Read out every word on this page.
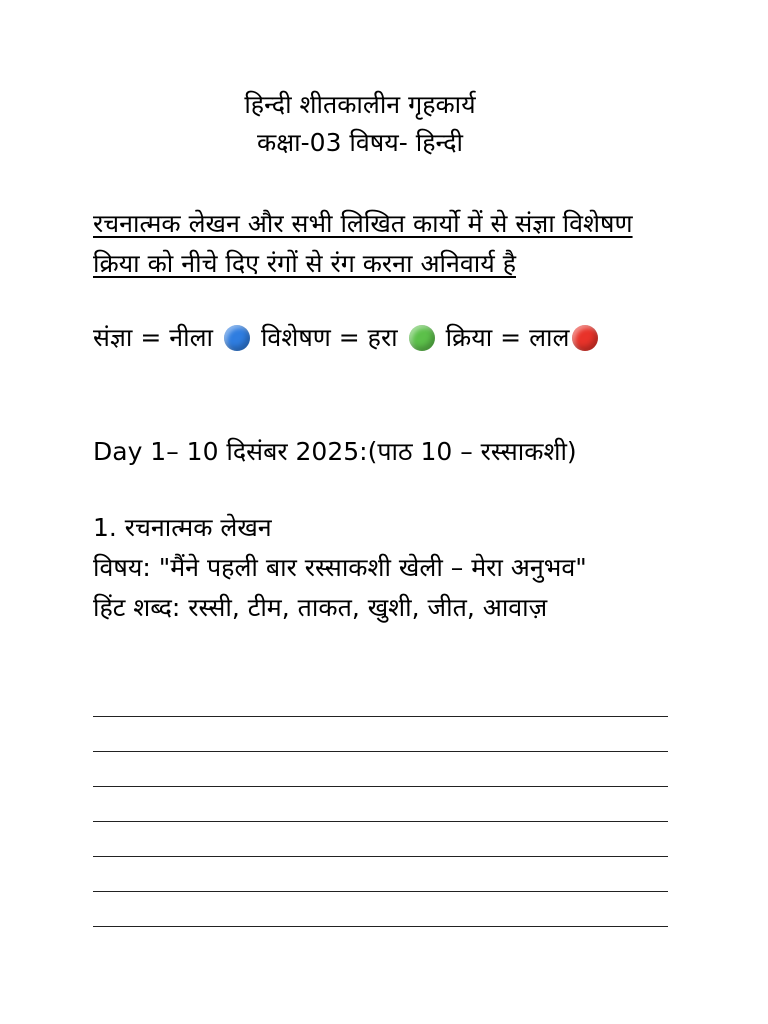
हिन्दी शीतकालीन गृहकार्य
कक्षा-03 विषय- हिन्दी
रचनात्मक लेखन और सभी लिखित कार्यो में से संज्ञा विशेषण क्रिया को नीचे दिए रंगों से रंग करना अनिवार्य है
संज्ञा = नीला विशेषण = हरा क्रिया = लाल
Day 1– 10 दिसंबर 2025:(पाठ 10 – रस्साकशी)
1. रचनात्मक लेखन
विषय: "मैंने पहली बार रस्साकशी खेली – मेरा अनुभव"
हिंट शब्द: रस्सी, टीम, ताकत, खुशी, जीत, आवाज़
